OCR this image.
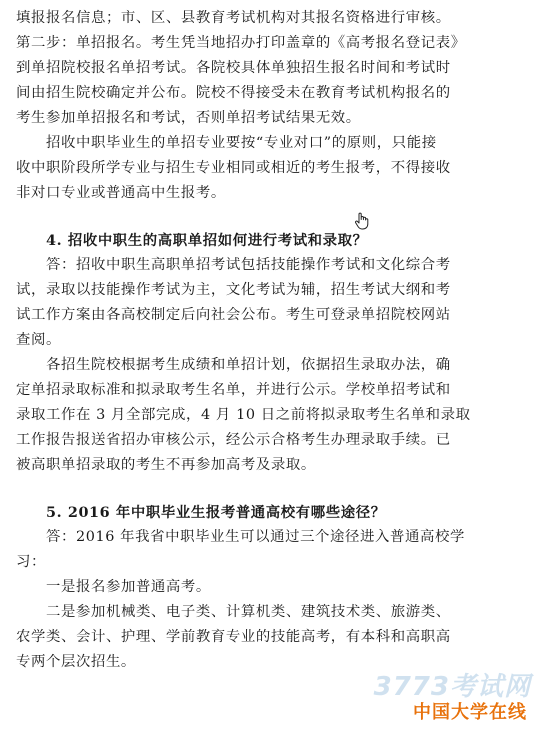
填报报名信息；市、区、县教育考试机构对其报名资格进行审核。
第二步：单招报名。考生凭当地招办打印盖章的《高考报名登记表》
到单招院校报名单招考试。各院校具体单独招生报名时间和考试时
间由招生院校确定并公布。院校不得接受未在教育考试机构报名的
考生参加单招报名和考试，否则单招考试结果无效。
招收中职毕业生的单招专业要按“专业对口”的原则，只能接
收中职阶段所学专业与招生专业相同或相近的考生报考，不得接收
非对口专业或普通高中生报考。
4. 招收中职生的高职单招如何进行考试和录取？
答：招收中职生高职单招考试包括技能操作考试和文化综合考
试，录取以技能操作考试为主，文化考试为辅，招生考试大纲和考
试工作方案由各高校制定后向社会公布。考生可登录单招院校网站
查阅。
各招生院校根据考生成绩和单招计划，依据招生录取办法，确
定单招录取标准和拟录取考生名单，并进行公示。学校单招考试和
录取工作在 3 月全部完成，4 月 10 日之前将拟录取考生名单和录取
工作报告报送省招办审核公示，经公示合格考生办理录取手续。已
被高职单招录取的考生不再参加高考及录取。
5. 2016 年中职毕业生报考普通高校有哪些途径？
答：2016 年我省中职毕业生可以通过三个途径进入普通高校学
习：
一是报名参加普通高考。
二是参加机械类、电子类、计算机类、建筑技术类、旅游类、
农学类、会计、护理、学前教育专业的技能高考，有本科和高职高
专两个层次招生。
3773考试网
中国大学在线
